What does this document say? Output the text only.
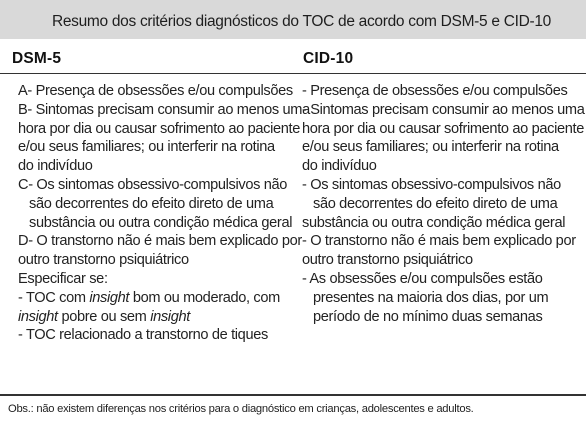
Resumo dos critérios diagnósticos do TOC de acordo com DSM-5 e CID-10
DSM-5	CID-10
A- Presença de obsessões e/ou compulsões
B- Sintomas precisam consumir ao menos uma
hora por dia ou causar sofrimento ao paciente
e/ou seus familiares; ou interferir na rotina
do indivíduo
C- Os sintomas obsessivo-compulsivos não
são decorrentes do efeito direto de uma
substância ou outra condição médica geral
D- O transtorno não é mais bem explicado por
outro transtorno psiquiátrico
Especificar se:
- TOC com insight bom ou moderado, com
insight pobre ou sem insight
- TOC relacionado a transtorno de tiques
- Presença de obsessões e/ou compulsões
- Sintomas precisam consumir ao menos uma
hora por dia ou causar sofrimento ao paciente
e/ou seus familiares; ou interferir na rotina
do indivíduo
- Os sintomas obsessivo-compulsivos não
são decorrentes do efeito direto de uma
substância ou outra condição médica geral
- O transtorno não é mais bem explicado por
outro transtorno psiquiátrico
- As obsessões e/ou compulsões estão
presentes na maioria dos dias, por um
período de no mínimo duas semanas
Obs.: não existem diferenças nos critérios para o diagnóstico em crianças, adolescentes e adultos.
